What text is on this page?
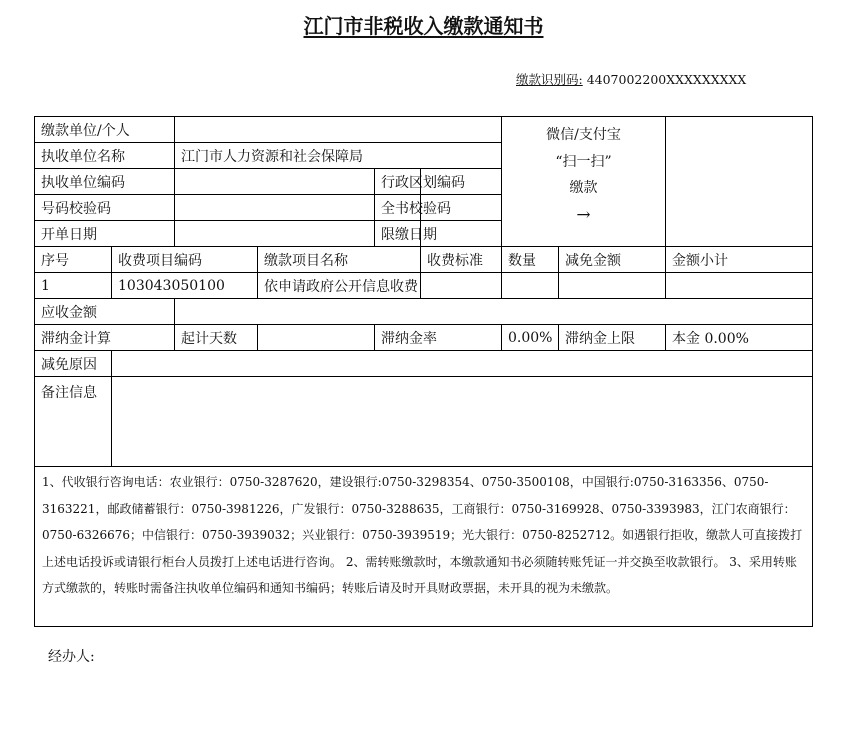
江门市非税收入缴款通知书
缴款识别码: 4407002200XXXXXXXXX
缴款单位/个人						微信/支付宝
“扫一扫”
缴款
→		

执收单位名称		江门市人力资源和社会保障局						
执收单位编码				行政区划编码				
号码校验码				全书校验码				
开单日期				限缴日期				
序号	收费项目编码		缴款项目名称		收费标准	数量	减免金额	金额小计
1	103043050100		依申请政府公开信息收费					
应收金额								
滞纳金计算		起计天数		滞纳金率		0.00%	滞纳金上限	本金 0.00%
减免原因								
备注信息								
1、代收银行咨询电话：农业银行：0750-3287620，建设银行:0750-3298354、0750-3500108，中国银行:0750-3163356、0750-3163221，邮政储蓄银行：0750-3981226，广发银行：0750-3288635，工商银行：0750-3169928、0750-3393983，江门农商银行：0750-6326676；中信银行：0750-3939032；兴业银行：0750-3939519；光大银行：0750-8252712。如遇银行拒收，缴款人可直接拨打上述电话投诉或请银行柜台人员拨打上述电话进行咨询。 2、需转账缴款时，本缴款通知书必须随转账凭证一并交换至收款银行。 3、采用转账方式缴款的，转账时需备注执收单位编码和通知书编码；转账后请及时开具财政票据，未开具的视为未缴款。								
经办人:
